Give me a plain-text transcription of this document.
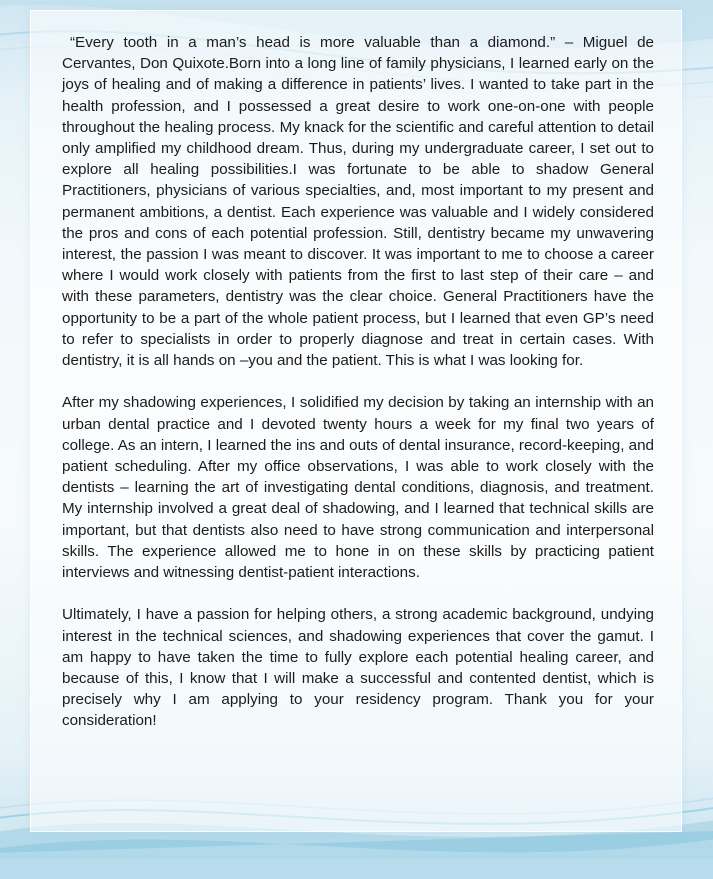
“Every tooth in a man’s head is more valuable than a diamond.” – Miguel de Cervantes, Don Quixote.Born into a long line of family physicians, I learned early on the joys of healing and of making a difference in patients’ lives. I wanted to take part in the health profession, and I possessed a great desire to work one-on-one with people throughout the healing process. My knack for the scientific and careful attention to detail only amplified my childhood dream. Thus, during my undergraduate career, I set out to explore all healing possibilities.I was fortunate to be able to shadow General Practitioners, physicians of various specialties, and, most important to my present and permanent ambitions, a dentist. Each experience was valuable and I widely considered the pros and cons of each potential profession. Still, dentistry became my unwavering interest, the passion I was meant to discover. It was important to me to choose a career where I would work closely with patients from the first to last step of their care – and with these parameters, dentistry was the clear choice. General Practitioners have the opportunity to be a part of the whole patient process, but I learned that even GP’s need to refer to specialists in order to properly diagnose and treat in certain cases. With dentistry, it is all hands on –you and the patient. This is what I was looking for.

After my shadowing experiences, I solidified my decision by taking an internship with an urban dental practice and I devoted twenty hours a week for my final two years of college. As an intern, I learned the ins and outs of dental insurance, record-keeping, and patient scheduling. After my office observations, I was able to work closely with the dentists – learning the art of investigating dental conditions, diagnosis, and treatment. My internship involved a great deal of shadowing, and I learned that technical skills are important, but that dentists also need to have strong communication and interpersonal skills. The experience allowed me to hone in on these skills by practicing patient interviews and witnessing dentist-patient interactions.

Ultimately, I have a passion for helping others, a strong academic background, undying interest in the technical sciences, and shadowing experiences that cover the gamut. I am happy to have taken the time to fully explore each potential healing career, and because of this, I know that I will make a successful and contented dentist, which is precisely why I am applying to your residency program. Thank you for your consideration!
